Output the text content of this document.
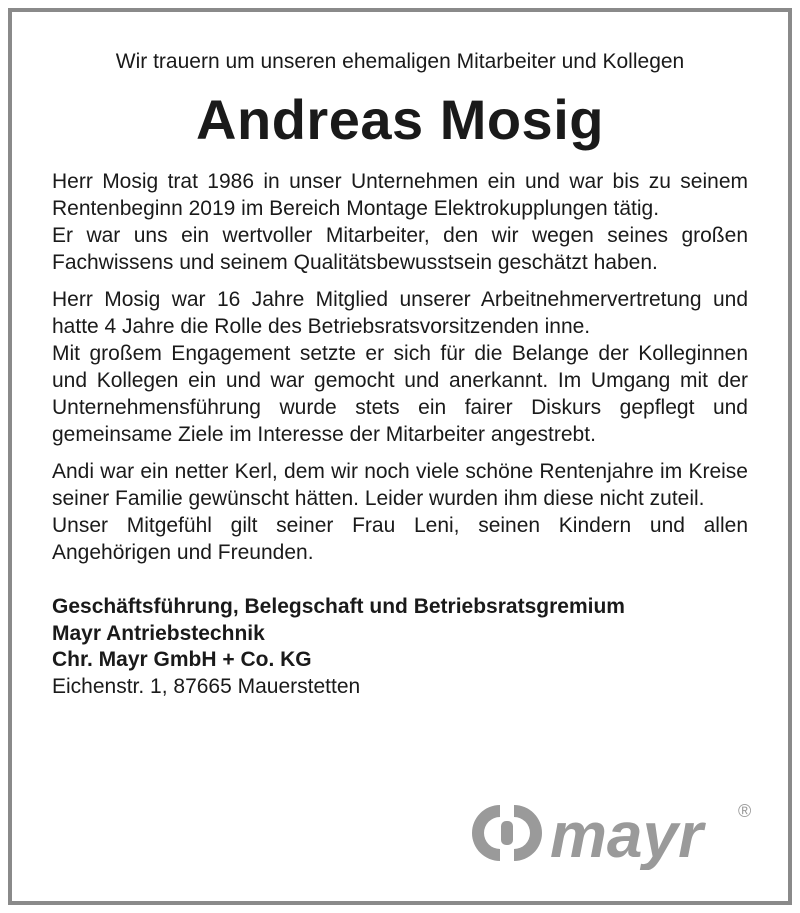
Wir trauern um unseren ehemaligen Mitarbeiter und Kollegen

Andreas Mosig

Herr Mosig trat 1986 in unser Unternehmen ein und war bis zu seinem Rentenbeginn 2019 im Bereich Montage Elektrokupplungen tätig.

Er war uns ein wertvoller Mitarbeiter, den wir wegen seines großen Fachwissens und seinem Qualitätsbewusstsein geschätzt haben.

Herr Mosig war 16 Jahre Mitglied unserer Arbeitnehmervertretung und hatte 4 Jahre die Rolle des Betriebsratsvorsitzenden inne.

Mit großem Engagement setzte er sich für die Belange der Kolleginnen und Kollegen ein und war gemocht und anerkannt. Im Umgang mit der Unternehmensführung wurde stets ein fairer Diskurs gepflegt und gemeinsame Ziele im Interesse der Mitarbeiter angestrebt.

Andi war ein netter Kerl, dem wir noch viele schöne Rentenjahre im Kreise seiner Familie gewünscht hätten. Leider wurden ihm diese nicht zuteil.

Unser Mitgefühl gilt seiner Frau Leni, seinen Kindern und allen Angehörigen und Freunden.

Geschäftsführung, Belegschaft und Betriebsratsgremium
Mayr Antriebstechnik
Chr. Mayr GmbH + Co. KG
Eichenstr. 1, 87665 Mauerstetten
mayr ®
